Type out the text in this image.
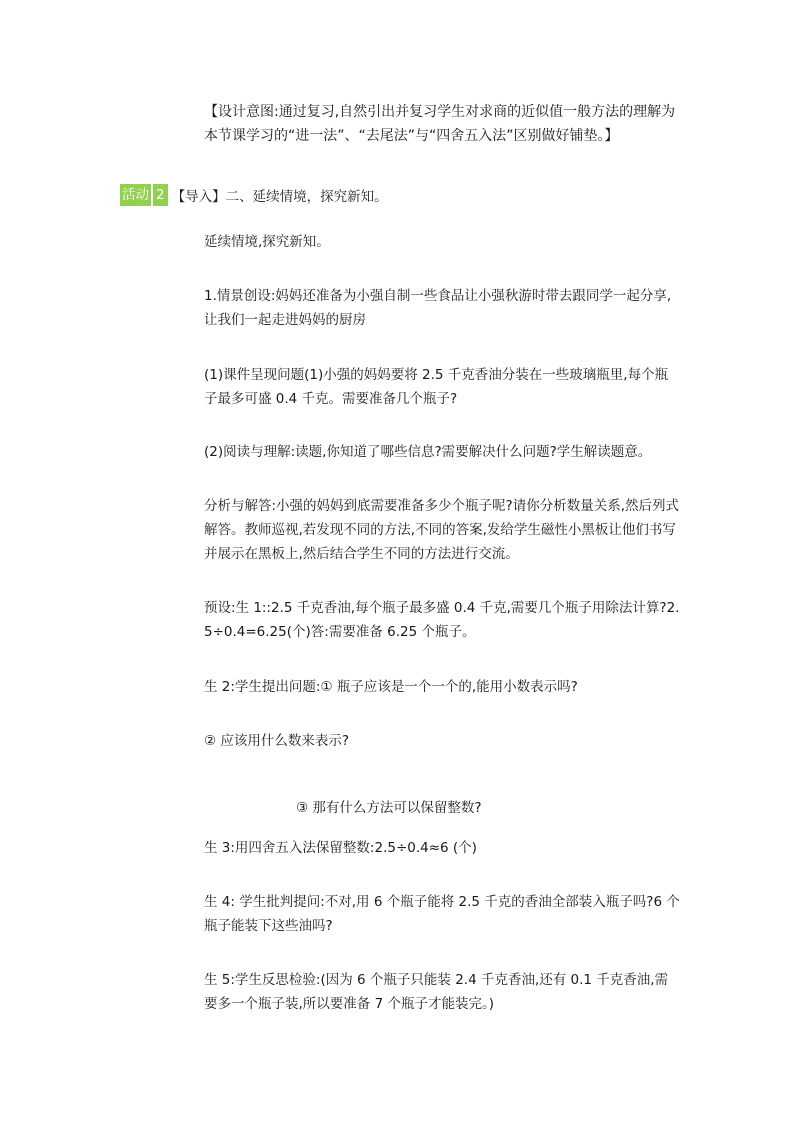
【设计意图:通过复习,自然引出并复习学生对求商的近似值一般方法的理解为本节课学习的“进一法”、“去尾法”与“四舍五入法”区别做好铺垫。】

活动 2 【导入】二、延续情境，探究新知。

延续情境,探究新知。

1.情景创设:妈妈还准备为小强自制一些食品让小强秋游时带去跟同学一起分享,让我们一起走进妈妈的厨房

(1)课件呈现问题(1)小强的妈妈要将 2.5 千克香油分装在一些玻璃瓶里,每个瓶子最多可盛 0.4 千克。需要准备几个瓶子?

(2)阅读与理解:读题,你知道了哪些信息?需要解决什么问题?学生解读题意。

分析与解答:小强的妈妈到底需要准备多少个瓶子呢?请你分析数量关系,然后列式解答。教师巡视,若发现不同的方法,不同的答案,发给学生磁性小黑板让他们书写并展示在黑板上,然后结合学生不同的方法进行交流。

预设:生 1::2.5 千克香油,每个瓶子最多盛 0.4 千克,需要几个瓶子用除法计算?2.5÷0.4=6.25(个)答:需要准备 6.25 个瓶子。

生 2:学生提出问题:① 瓶子应该是一个一个的,能用小数表示吗?

② 应该用什么数来表示?

③ 那有什么方法可以保留整数?

生 3:用四舍五入法保留整数:2.5÷0.4≈6 (个)

生 4: 学生批判提问:不对,用 6 个瓶子能将 2.5 千克的香油全部装入瓶子吗?6 个瓶子能装下这些油吗?

生 5:学生反思检验:(因为 6 个瓶子只能装 2.4 千克香油,还有 0.1 千克香油,需要多一个瓶子装,所以要准备 7 个瓶子才能装完。)
